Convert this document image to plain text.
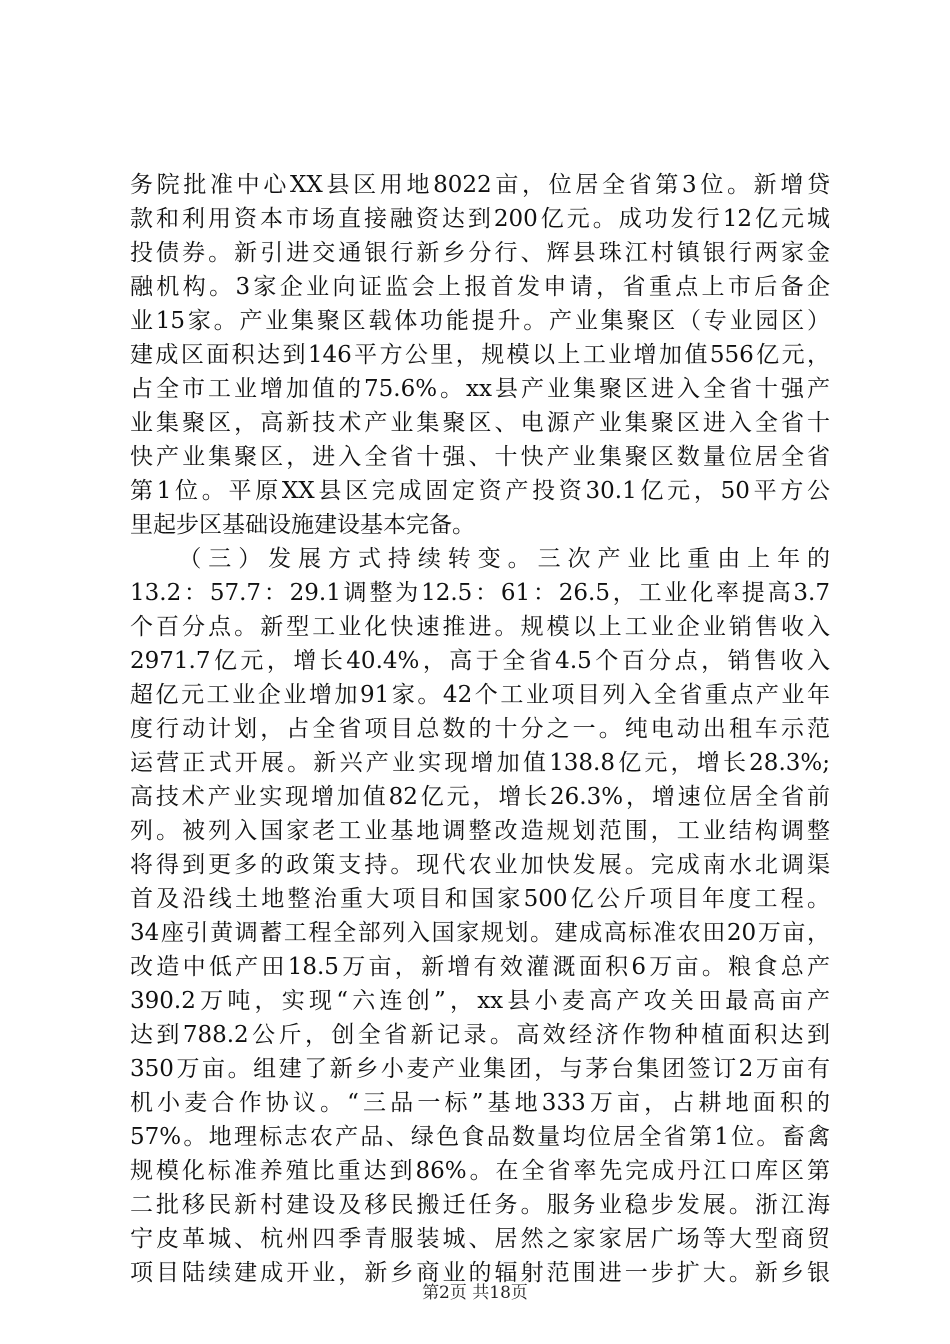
务院批准中心XX县区用地8022亩，位居全省第3位。新增贷
款和利用资本市场直接融资达到200亿元。成功发行12亿元城
投债券。新引进交通银行新乡分行、辉县珠江村镇银行两家金
融机构。3家企业向证监会上报首发申请，省重点上市后备企
业15家。产业集聚区载体功能提升。产业集聚区（专业园区）
建成区面积达到146平方公里，规模以上工业增加值556亿元，
占全市工业增加值的75.6%。xx县产业集聚区进入全省十强产
业集聚区，高新技术产业集聚区、电源产业集聚区进入全省十
快产业集聚区，进入全省十强、十快产业集聚区数量位居全省
第1位。平原XX县区完成固定资产投资30.1亿元，50平方公
里起步区基础设施建设基本完备。
　　（三）发展方式持续转变。三次产业比重由上年的
13.2：57.7：29.1调整为12.5：61：26.5，工业化率提高3.7
个百分点。新型工业化快速推进。规模以上工业企业销售收入
2971.7亿元，增长40.4%，高于全省4.5个百分点，销售收入
超亿元工业企业增加91家。42个工业项目列入全省重点产业年
度行动计划，占全省项目总数的十分之一。纯电动出租车示范
运营正式开展。新兴产业实现增加值138.8亿元，增长28.3%;
高技术产业实现增加值82亿元，增长26.3%，增速位居全省前
列。被列入国家老工业基地调整改造规划范围，工业结构调整
将得到更多的政策支持。现代农业加快发展。完成南水北调渠
首及沿线土地整治重大项目和国家500亿公斤项目年度工程。
34座引黄调蓄工程全部列入国家规划。建成高标准农田20万亩，
改造中低产田18.5万亩，新增有效灌溉面积6万亩。粮食总产
390.2万吨，实现“六连创”，xx县小麦高产攻关田最高亩产
达到788.2公斤，创全省新记录。高效经济作物种植面积达到
350万亩。组建了新乡小麦产业集团，与茅台集团签订2万亩有
机小麦合作协议。“三品一标”基地333万亩，占耕地面积的
57%。地理标志农产品、绿色食品数量均位居全省第1位。畜禽
规模化标准养殖比重达到86%。在全省率先完成丹江口库区第
二批移民新村建设及移民搬迁任务。服务业稳步发展。浙江海
宁皮革城、杭州四季青服装城、居然之家家居广场等大型商贸
项目陆续建成开业，新乡商业的辐射范围进一步扩大。新乡银
第2页 共18页
